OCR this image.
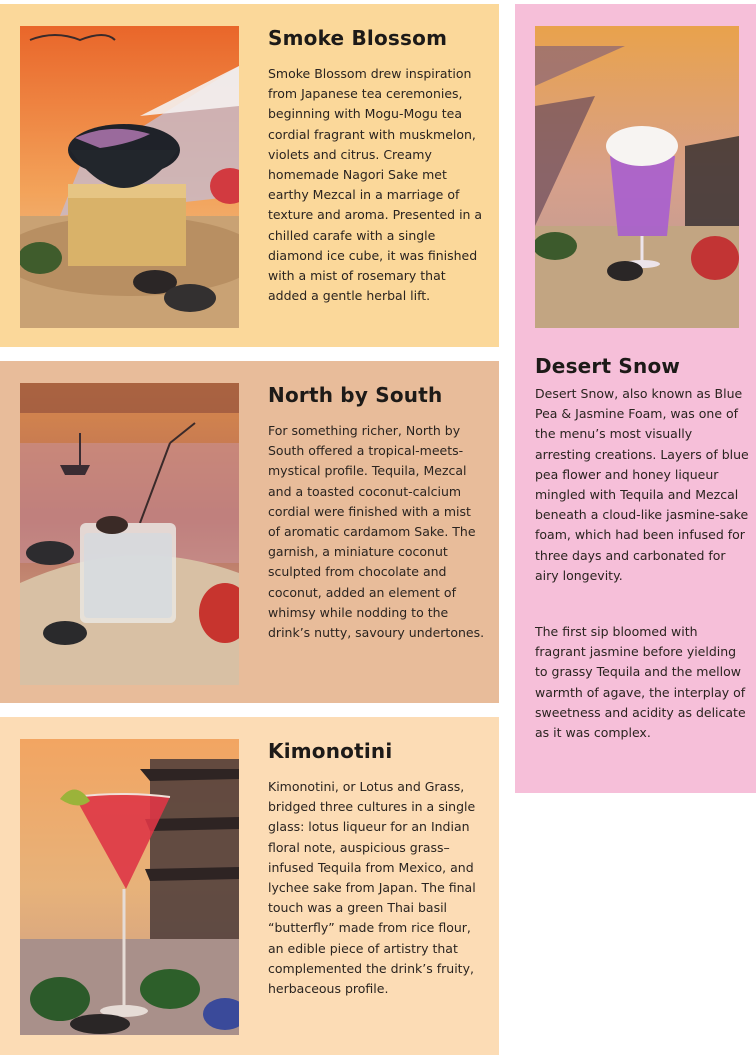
Smoke Blossom

Smoke Blossom drew inspiration from Japanese tea ceremonies, beginning with Mogu-Mogu tea cordial fragrant with muskmelon, violets and citrus. Creamy homemade Nagori Sake met earthy Mezcal in a marriage of texture and aroma. Presented in a chilled carafe with a single diamond ice cube, it was finished with a mist of rosemary that added a gentle herbal lift.

North by South

For something richer, North by South offered a tropical-meets-mystical profile. Tequila, Mezcal and a toasted coconut-calcium cordial were finished with a mist of aromatic cardamom Sake. The garnish, a miniature coconut sculpted from chocolate and coconut, added an element of whimsy while nodding to the drink’s nutty, savoury undertones.

Kimonotini

Kimonotini, or Lotus and Grass, bridged three cultures in a single glass: lotus liqueur for an Indian floral note, auspicious grass–infused Tequila from Mexico, and lychee sake from Japan. The final touch was a green Thai basil “butterfly” made from rice flour, an edible piece of artistry that complemented the drink’s fruity, herbaceous profile.

Desert Snow

Desert Snow, also known as Blue Pea & Jasmine Foam, was one of the menu’s most visually arresting creations. Layers of blue pea flower and honey liqueur mingled with Tequila and Mezcal beneath a cloud-like jasmine-sake foam, which had been infused for three days and carbonated for airy longevity.

The first sip bloomed with fragrant jasmine before yielding to grassy Tequila and the mellow warmth of agave, the interplay of sweetness and acidity as delicate as it was complex.
